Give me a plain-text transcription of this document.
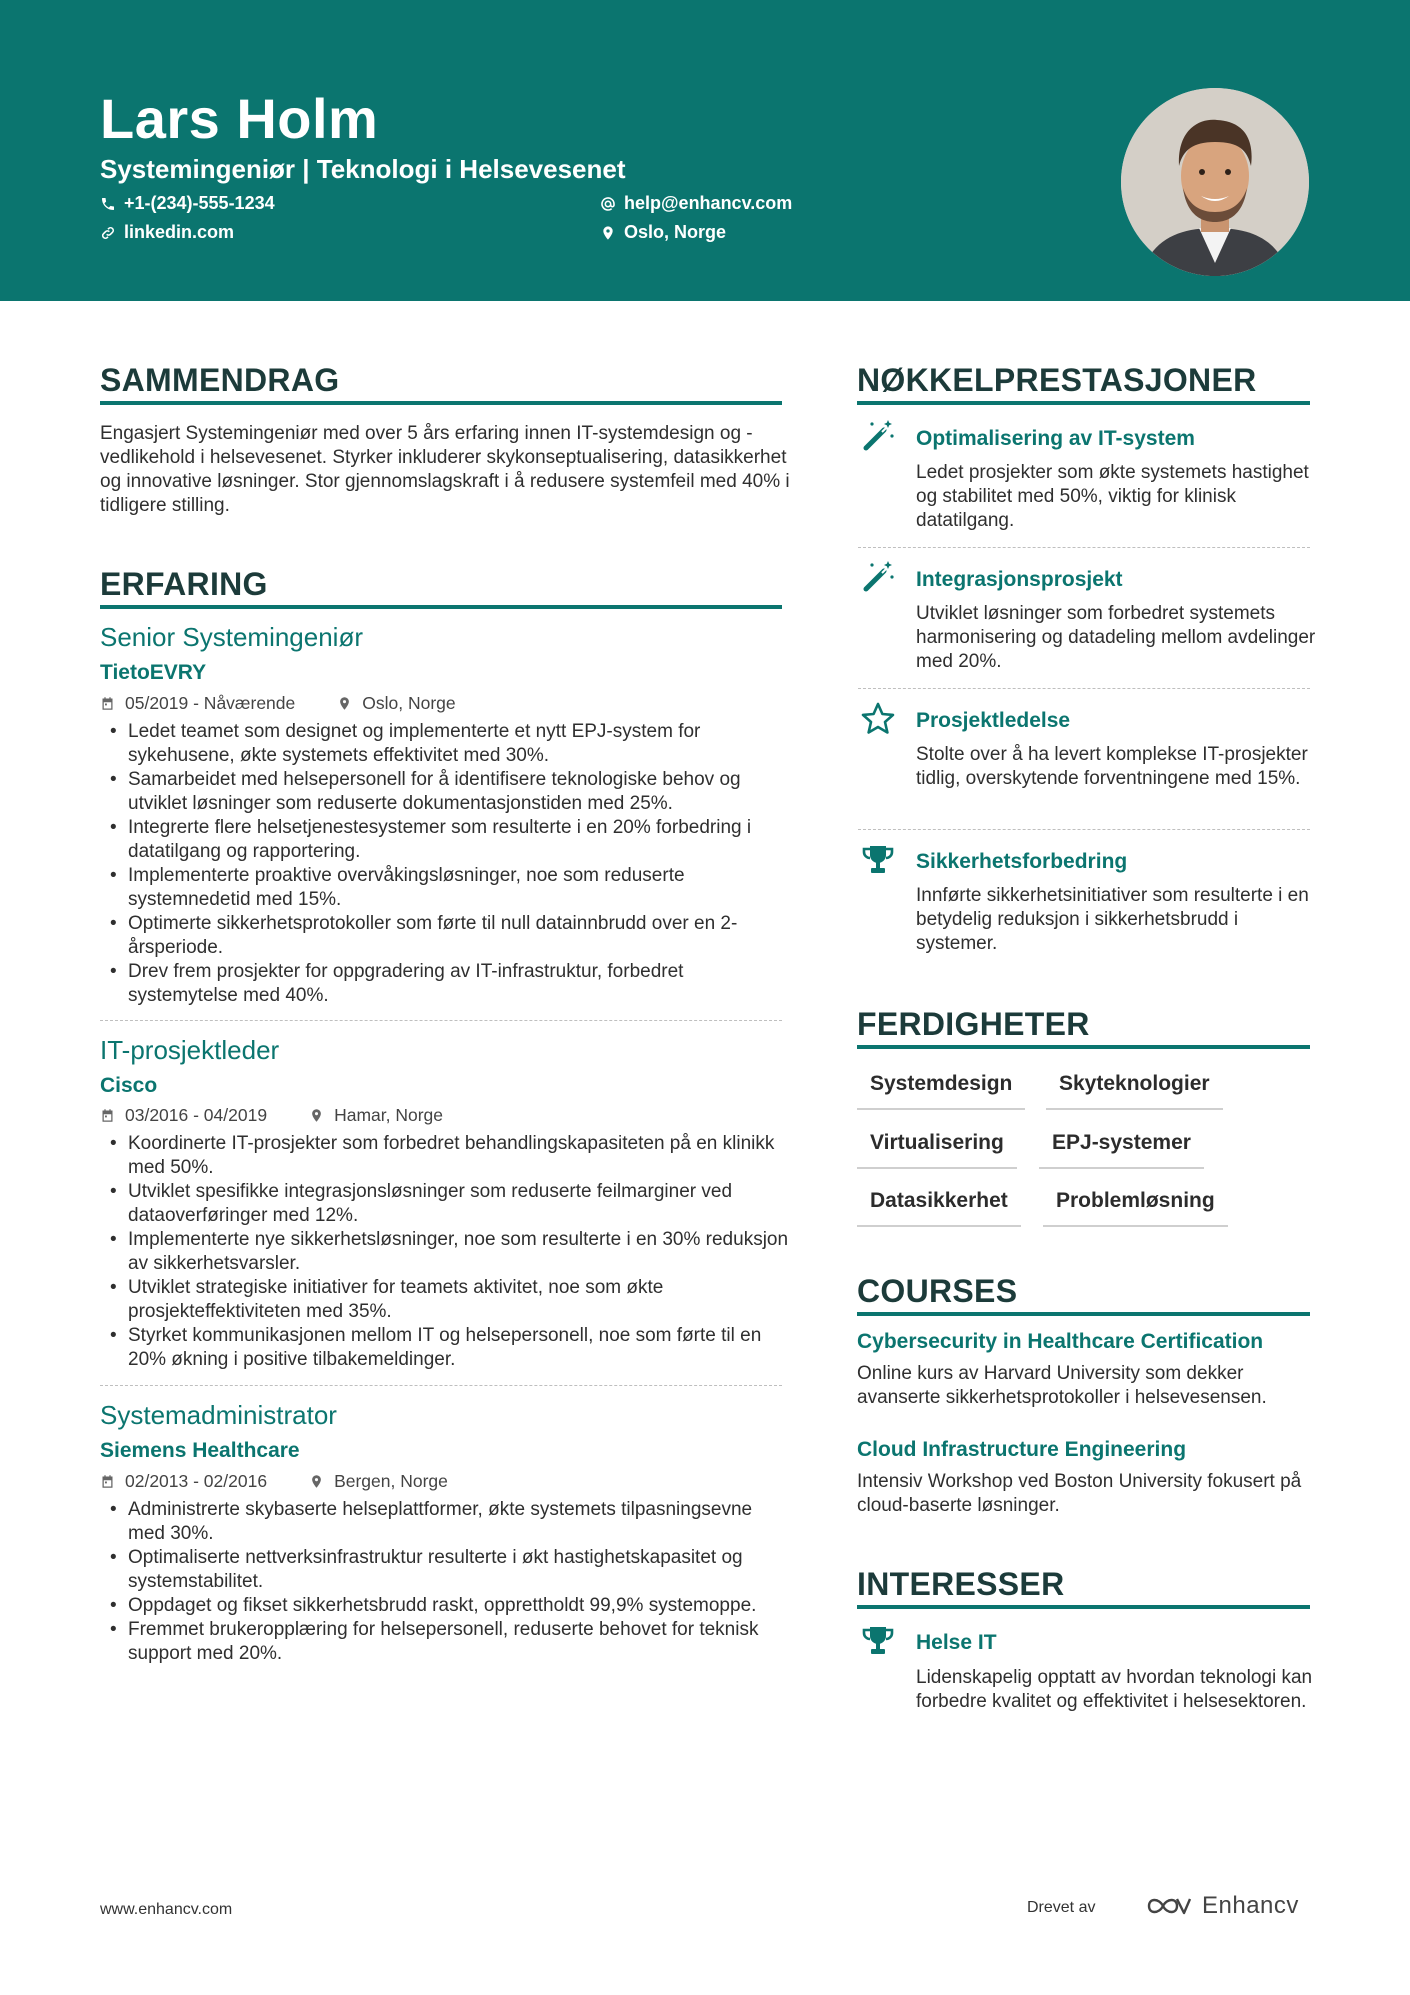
Lars Holm
Systemingeniør | Teknologi i Helsevesenet
+1-(234)-555-1234	help@enhancv.com
linkedin.com	Oslo, Norge
SAMMENDRAG
Engasjert Systemingeniør med over 5 års erfaring innen IT-systemdesign og -vedlikehold i helsevesenet. Styrker inkluderer skykonseptualisering, datasikkerhet og innovative løsninger. Stor gjennomslagskraft i å redusere systemfeil med 40% i tidligere stilling.
ERFARING
Senior Systemingeniør
TietoEVRY
05/2019 - Nåværende	Oslo, Norge
• Ledet teamet som designet og implementerte et nytt EPJ-system for sykehusene, økte systemets effektivitet med 30%.
• Samarbeidet med helsepersonell for å identifisere teknologiske behov og utviklet løsninger som reduserte dokumentasjonstiden med 25%.
• Integrerte flere helsetjenestesystemer som resulterte i en 20% forbedring i datatilgang og rapportering.
• Implementerte proaktive overvåkingsløsninger, noe som reduserte systemnedetid med 15%.
• Optimerte sikkerhetsprotokoller som førte til null datainnbrudd over en 2-årsperiode.
• Drev frem prosjekter for oppgradering av IT-infrastruktur, forbedret systemytelse med 40%.
IT-prosjektleder
Cisco
03/2016 - 04/2019	Hamar, Norge
• Koordinerte IT-prosjekter som forbedret behandlingskapasiteten på en klinikk med 50%.
• Utviklet spesifikke integrasjonsløsninger som reduserte feilmarginer ved dataoverføringer med 12%.
• Implementerte nye sikkerhetsløsninger, noe som resulterte i en 30% reduksjon av sikkerhetsvarsler.
• Utviklet strategiske initiativer for teamets aktivitet, noe som økte prosjekteffektiviteten med 35%.
• Styrket kommunikasjonen mellom IT og helsepersonell, noe som førte til en 20% økning i positive tilbakemeldinger.
Systemadministrator
Siemens Healthcare
02/2013 - 02/2016	Bergen, Norge
• Administrerte skybaserte helseplattformer, økte systemets tilpasningsevne med 30%.
• Optimaliserte nettverksinfrastruktur resulterte i økt hastighetskapasitet og systemstabilitet.
• Oppdaget og fikset sikkerhetsbrudd raskt, opprettholdt 99,9% systemoppe.
• Fremmet brukeropplæring for helsepersonell, reduserte behovet for teknisk support med 20%.
NØKKELPRESTASJONER
Optimalisering av IT-system
Ledet prosjekter som økte systemets hastighet og stabilitet med 50%, viktig for klinisk datatilgang.
Integrasjonsprosjekt
Utviklet løsninger som forbedret systemets harmonisering og datadeling mellom avdelinger med 20%.
Prosjektledelse
Stolte over å ha levert komplekse IT-prosjekter tidlig, overskytende forventningene med 15%.
Sikkerhetsforbedring
Innførte sikkerhetsinitiativer som resulterte i en betydelig reduksjon i sikkerhetsbrudd i systemer.
FERDIGHETER
Systemdesign	Skyteknologier
Virtualisering	EPJ-systemer
Datasikkerhet	Problemløsning
COURSES
Cybersecurity in Healthcare Certification
Online kurs av Harvard University som dekker avanserte sikkerhetsprotokoller i helsevesensen.
Cloud Infrastructure Engineering
Intensiv Workshop ved Boston University fokusert på cloud-baserte løsninger.
INTERESSER
Helse IT
Lidenskapelig opptatt av hvordan teknologi kan forbedre kvalitet og effektivitet i helsesektoren.
www.enhancv.com	Drevet av	Enhancv
